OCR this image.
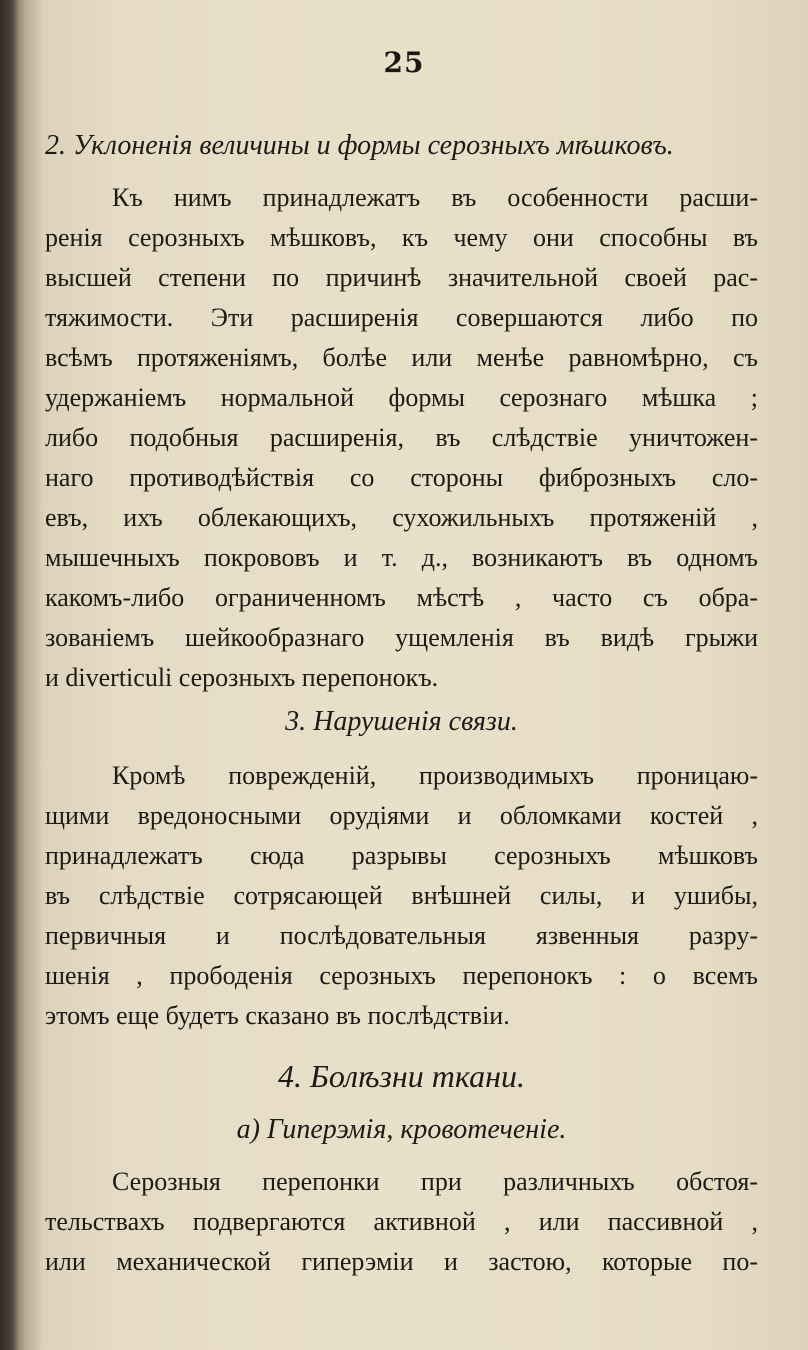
25
2. Уклоненія величины и формы серозныхъ мѣшковъ.
Къ нимъ принадлежатъ въ особенности расши-
ренія серозныхъ мѣшковъ, къ чему они способны въ
высшей степени по причинѣ значительной своей рас-
тяжимости. Эти расширенія совершаются либо по
всѣмъ протяженіямъ, болѣе или менѣе равномѣрно, съ
удержаніемъ нормальной формы сeрознаго мѣшка ;
либо подобныя расширенія, въ слѣдствіе уничтожен-
наго противодѣйствія со стороны фиброзныхъ сло-
евъ, ихъ облекающихъ, сухожильныхъ протяженій ,
мышечныхъ покрововъ и т. д., возникаютъ въ одномъ
какомъ-либо ограниченномъ мѣстѣ , часто съ обра-
зованіемъ шейкообразнаго ущемленія въ видѣ грыжи
и diverticuli серозныхъ перепонокъ.
3. Нарушенія связи.
Кромѣ поврежденій, производимыхъ проницаю-
щими вредоносными орудіями и обломками костей ,
принадлежатъ сюда разрывы серозныхъ мѣшковъ
въ слѣдствіе сотрясающей внѣшней силы, и ушибы,
первичныя и послѣдовательныя язвенныя разру-
шенія , прободенія серозныхъ перепонокъ : о всемъ
этомъ еще будетъ сказано въ послѣдствіи.
4. Болѣзни ткани.
а) Гиперэмія, кровотеченіе.
Серозныя перепонки при различныхъ обстоя-
тельствахъ подвергаются активной , или пассивной ,
или механической гиперэміи и застою, которые по-
